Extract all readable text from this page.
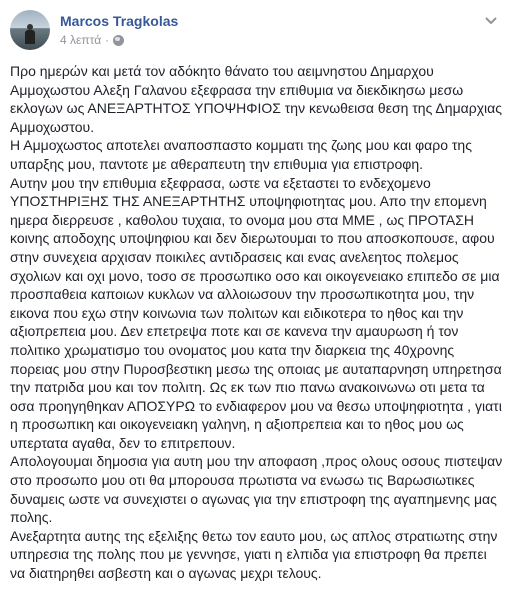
Marcos Tragkolas
4 λεπτά ·

Προ ημερών και μετά τον αδόκητο θάνατο του αειμνηστου Δημαρχου Αμμοχωστου Αλεξη Γαλανου εξεφρασα την επιθυμια να διεκδικησω μεσω εκλογων ως ΑΝΕΞΑΡΤΗΤΟΣ ΥΠΟΨΗΦΙΟΣ την κενωθεισα θεση της Δημαρχιας Αμμοχωστου.

Η Αμμοχωστος αποτελει αναποσπαστο κομματι της ζωης μου και φαρο της υπαρξης μου, παντοτε με αθεραπευτη την επιθυμια για επιστροφη.

Αυτην μου την επιθυμια εξεφρασα, ωστε να εξεταστει το ενδεχομενο ΥΠΟΣΤΗΡΙΞΗΣ ΤΗΣ ΑΝΕΞΑΡΤΗΤΗΣ υποψηφιοτητας μου. Απο την επομενη ημερα διερρευσε , καθολου τυχαια, το ονομα μου στα ΜΜΕ , ως ΠΡΟΤΑΣΗ κοινης αποδοχης υποψηφιου και δεν διερωτουμαι το που αποσκοπουσε, αφου στην συνεχεια αρχισαν ποικιλες αντιδρασεις και ενας ανελεητος πολεμος σχολιων και οχι μονο, τοσο σε προσωπικο οσο και οικογενειακο επιπεδο σε μια προσπαθεια καποιων κυκλων να αλλοιωσουν την προσωπικοτητα μου, την εικονα που εχω στην κοινωνια των πολιτων και ειδικοτερα το ηθος και την αξιοπρεπεια μου. Δεν επετρεψα ποτε και σε κανενα την αμαυρωση ή τον πολιτικο χρωματισμο του ονοματος μου κατα την διαρκεια της 40χρονης πορειας μου στην Πυροσβεστικη μεσω της οποιας με αυταπαρνηση υπηρετησα την πατριδα μου και τον πολιτη. Ως εκ των πιο πανω ανακοινωνω οτι μετα τα οσα προηγηθηκαν ΑΠΟΣΥΡΩ το ενδιαφερον μου να θεσω υποψηφιοτητα , γιατι η προσωπικη και οικογενειακη γαληνη, η αξιοπρεπεια και το ηθος μου ως υπερτατα αγαθα, δεν το επιτρεπουν.

Απολογουμαι δημοσια για αυτη μου την αποφαση ,προς ολους οσους πιστεψαν στο προσωπο μου οτι θα μπορουσα πρωτιστα να ενωσω τις Βαρωσιωτικες δυναμεις ωστε να συνεχιστει ο αγωνας για την επιστροφη της αγαπημενης μας πολης.

Ανεξαρτητα αυτης της εξελιξης θετω τον εαυτο μου, ως απλος στρατιωτης στην υπηρεσια της πολης που με γεννησε, γιατι η ελπιδα για επιστροφη θα πρεπει να διατηρηθει ασβεστη και ο αγωνας μεχρι τελους.
